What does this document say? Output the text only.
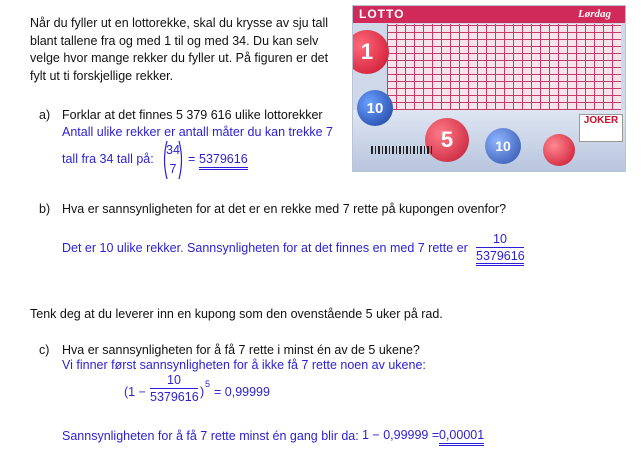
Når du fyller ut en lottorekke, skal du krysse av sju tall
blant tallene fra og med 1 til og med 34. Du kan selv
velge hvor mange rekker du fyller ut. På figuren er det
fylt ut ti forskjellige rekker.
LOTTO	Lørdag
1
10
5	10
JOKER
a) Forklar at det finnes 5 379 616 ulike lottorekker
Antall ulike rekker er antall måter du kan trekke 7
tall fra 34 tall på:
34
7
= 5379616
b) Hva er sannsynligheten for at det er en rekke med 7 rette på kupongen ovenfor?
Det er 10 ulike rekker. Sannsynligheten for at det finnes en med 7 rette er
10
5379616
Tenk deg at du leverer inn en kupong som den ovenstående 5 uker på rad.
c) Hva er sannsynligheten for å få 7 rette i minst én av de 5 ukene?
Vi finner først sannsynligheten for å ikke få 7 rette noen av ukene:
(1 −
10
5379616 )
5
= 0,99999
Sannsynligheten for å få 7 rette minst én gang blir da: 1 − 0,99999 = 0,00001
